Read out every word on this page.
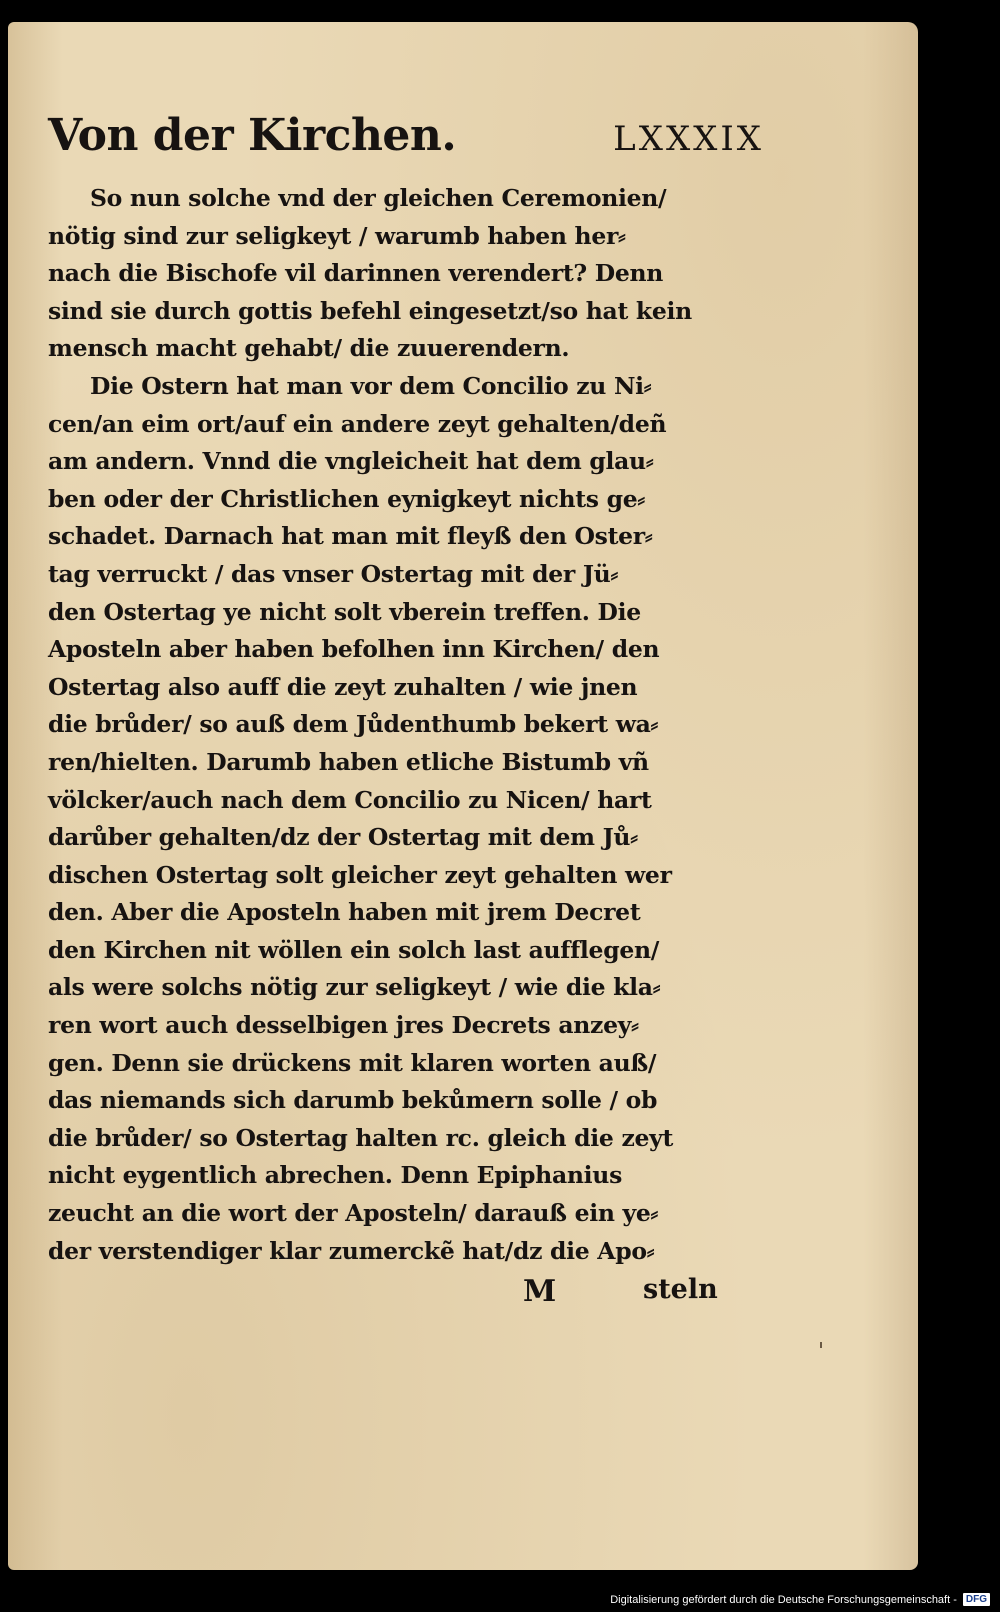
Von der Kirchen.	LXXXIX
So nun solche vnd der gleichen Ceremonien/
nötig sind zur seligkeyt / warumb haben her⸗
nach die Bischofe vil darinnen verendert? Denn
sind sie durch gottis befehl eingesetzt/so hat kein
mensch macht gehabt/ die zuuerendern.
Die Ostern hat man vor dem Concilio zu Ni⸗
cen/an eim ort/auf ein andere zeyt gehalten/deñ
am andern. Vnnd die vngleicheit hat dem glau⸗
ben oder der Christlichen eynigkeyt nichts ge⸗
schadet. Darnach hat man mit fleyß den Oster⸗
tag verruckt / das vnser Ostertag mit der Jü⸗
den Ostertag ye nicht solt vberein treffen. Die
Aposteln aber haben befolhen inn Kirchen/ den
Ostertag also auff die zeyt zuhalten / wie jnen
die brůder/ so auß dem Jůdenthumb bekert wa⸗
ren/hielten. Darumb haben etliche Bistumb vñ
völcker/auch nach dem Concilio zu Nicen/ hart
darůber gehalten/dz der Ostertag mit dem Jů⸗
dischen Ostertag solt gleicher zeyt gehalten wer
den. Aber die Aposteln haben mit jrem Decret
den Kirchen nit wöllen ein solch last aufflegen/
als were solchs nötig zur seligkeyt / wie die kla⸗
ren wort auch desselbigen jres Decrets anzey⸗
gen. Denn sie drückens mit klaren worten auß/
das niemands sich darumb bekůmern solle / ob
die brůder/ so Ostertag halten rc. gleich die zeyt
nicht eygentlich abrechen. Denn Epiphanius
zeucht an die wort der Aposteln/ darauß ein ye⸗
der verstendiger klar zumerckẽ hat/dz die Apo⸗
M	steln
Digitalisierung gefördert durch die Deutsche Forschungsgemeinschaft - DFG
